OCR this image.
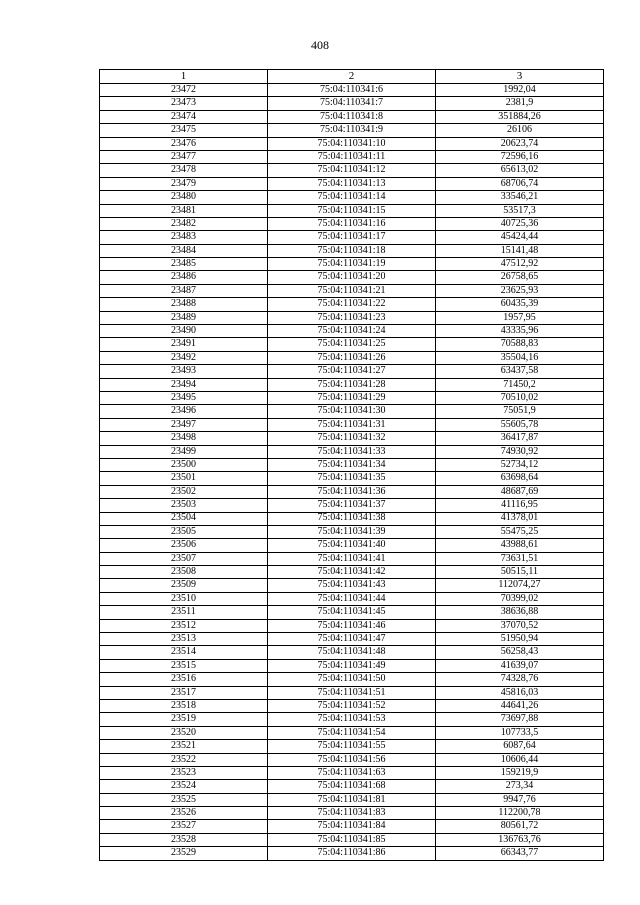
408
1	2	3
23472	75:04:110341:6	1992,04
23473	75:04:110341:7	2381,9
23474	75:04:110341:8	351884,26
23475	75:04:110341:9	26106
23476	75:04:110341:10	20623,74
23477	75:04:110341:11	72596,16
23478	75:04:110341:12	65613,02
23479	75:04:110341:13	68706,74
23480	75:04:110341:14	33546,21
23481	75:04:110341:15	53517,3
23482	75:04:110341:16	40725,36
23483	75:04:110341:17	45424,44
23484	75:04:110341:18	15141,48
23485	75:04:110341:19	47512,92
23486	75:04:110341:20	26758,65
23487	75:04:110341:21	23625,93
23488	75:04:110341:22	60435,39
23489	75:04:110341:23	1957,95
23490	75:04:110341:24	43335,96
23491	75:04:110341:25	70588,83
23492	75:04:110341:26	35504,16
23493	75:04:110341:27	63437,58
23494	75:04:110341:28	71450,2
23495	75:04:110341:29	70510,02
23496	75:04:110341:30	75051,9
23497	75:04:110341:31	55605,78
23498	75:04:110341:32	36417,87
23499	75:04:110341:33	74930,92
23500	75:04:110341:34	52734,12
23501	75:04:110341:35	63698,64
23502	75:04:110341:36	48687,69
23503	75:04:110341:37	41116,95
23504	75:04:110341:38	41378,01
23505	75:04:110341:39	55475,25
23506	75:04:110341:40	43988,61
23507	75:04:110341:41	73631,51
23508	75:04:110341:42	50515,11
23509	75:04:110341:43	112074,27
23510	75:04:110341:44	70399,02
23511	75:04:110341:45	38636,88
23512	75:04:110341:46	37070,52
23513	75:04:110341:47	51950,94
23514	75:04:110341:48	56258,43
23515	75:04:110341:49	41639,07
23516	75:04:110341:50	74328,76
23517	75:04:110341:51	45816,03
23518	75:04:110341:52	44641,26
23519	75:04:110341:53	73697,88
23520	75:04:110341:54	107733,5
23521	75:04:110341:55	6087,64
23522	75:04:110341:56	10606,44
23523	75:04:110341:63	159219,9
23524	75:04:110341:68	273,34
23525	75:04:110341:81	9947,76
23526	75:04:110341:83	112200,78
23527	75:04:110341:84	80561,72
23528	75:04:110341:85	136763,76
23529	75:04:110341:86	66343,77
